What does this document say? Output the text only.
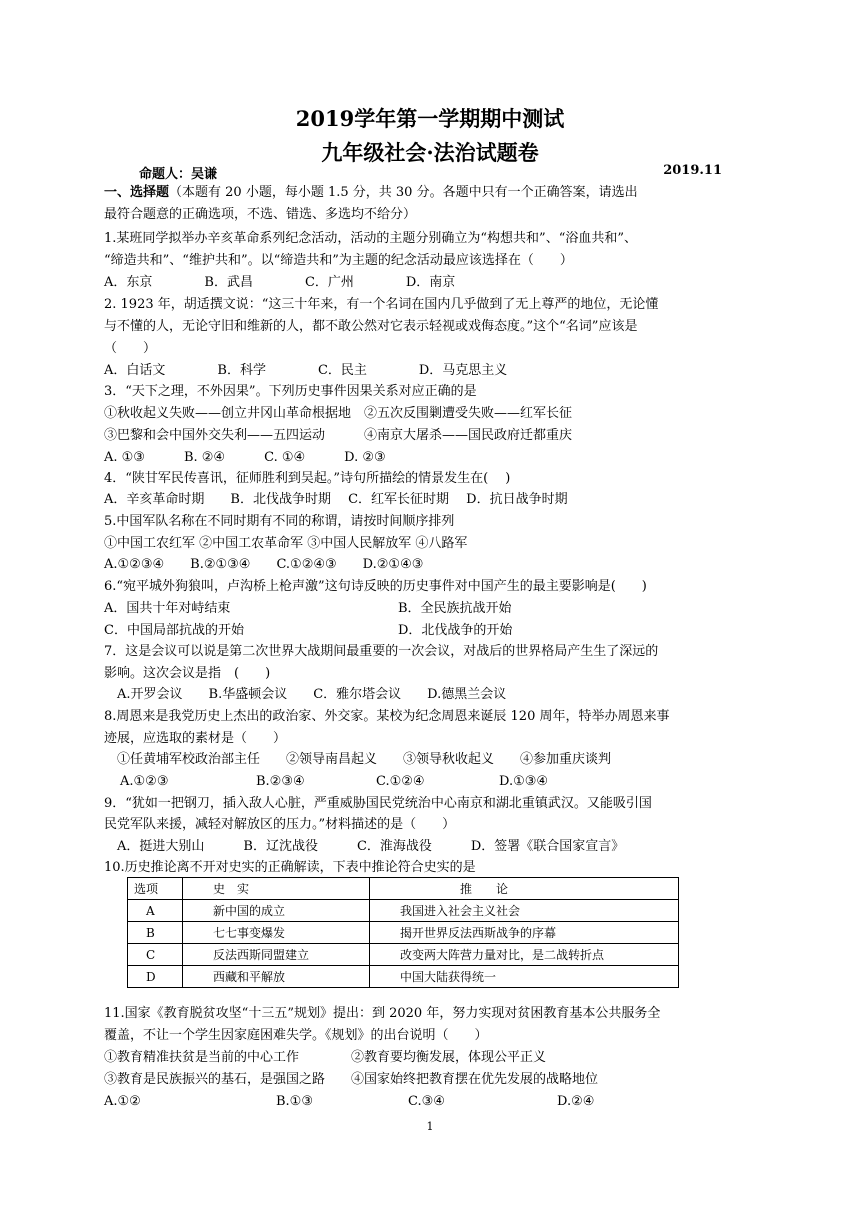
2019学年第一学期期中测试
九年级社会·法治试题卷
命题人：吴谦	2019.11
一、选择题（本题有 20 小题，每小题 1.5 分，共 30 分。各题中只有一个正确答案，请选出
最符合题意的正确选项，不选、错选、多选均不给分）
1.某班同学拟举办辛亥革命系列纪念活动，活动的主题分别确立为“构想共和”、“浴血共和”、
“缔造共和”、“维护共和”。以“缔造共和”为主题的纪念活动最应该选择在（　　）
A．东京　　　　B．武昌　　　　C．广州　　　　D．南京
2. 1923 年，胡适撰文说：“这三十年来，有一个名词在国内几乎做到了无上尊严的地位，无论懂
与不懂的人，无论守旧和维新的人，都不敢公然对它表示轻视或戏侮态度。”这个“名词”应该是
（　　）
A．白话文　　　　B．科学　　　　C．民主　　　　D．马克思主义
3．“天下之理，不外因果”。下列历史事件因果关系对应正确的是
①秋收起义失败——创立井冈山革命根据地　②五次反围剿遭受失败——红军长征
③巴黎和会中国外交失利——五四运动　　　④南京大屠杀——国民政府迁都重庆
A. ①③　　　B. ②④　　　C. ①④　　　D. ②③
4．“陕甘军民传喜讯，征师胜利到吴起。”诗句所描绘的情景发生在(　 )
A．辛亥革命时期　　B．北伐战争时期　 C．红军长征时期　 D．抗日战争时期
5.中国军队名称在不同时期有不同的称谓，请按时间顺序排列
①中国工农红军 ②中国工农革命军 ③中国人民解放军 ④八路军
A.①②③④　　B.②①③④　　C.①②④③　　D.②①④③
6.“宛平城外狗狼叫，卢沟桥上枪声激”这句诗反映的历史事件对中国产生的最主要影响是(　　)
A．国共十年对峙结束	B．全民族抗战开始
C．中国局部抗战的开始	D．北伐战争的开始
7．这是会议可以说是第二次世界大战期间最重要的一次会议，对战后的世界格局产生生了深远的
影响。这次会议是指　(　　)
　A.开罗会议　　B.华盛顿会议　　C．雅尔塔会议　　D.德黑兰会议
8.周恩来是我党历史上杰出的政治家、外交家。某校为纪念周恩来诞辰 120 周年，特举办周恩来事
迹展，应选取的素材是（　　）
　①任黄埔军校政治部主任　　②领导南昌起义　　③领导秋收起义　　④参加重庆谈判
A.①②③	B.②③④	C.①②④	D.①③④
9．“犹如一把钢刀，插入敌人心脏，严重威胁国民党统治中心南京和湖北重镇武汉。又能吸引国
民党军队来援，减轻对解放区的压力。”材料描述的是（　　）
　A．挺进大别山　　　B．辽沈战役　　　C．淮海战役　　　D．签署《联合国家宣言》
10.历史推论离不开对史实的正确解读，下表中推论符合史实的是
选项	史　实	推　　论
A	新中国的成立	我国进入社会主义社会
B	七七事变爆发	揭开世界反法西斯战争的序幕
C	反法西斯同盟建立	改变两大阵营力量对比，是二战转折点
D	西藏和平解放	中国大陆获得统一
11.国家《教育脱贫攻坚“十三五”规划》提出：到 2020 年，努力实现对贫困教育基本公共服务全
覆盖，不让一个学生因家庭困难失学。《规划》的出台说明（　　）
①教育精准扶贫是当前的中心工作　　　　②教育要均衡发展，体现公平正义
③教育是民族振兴的基石，是强国之路　　④国家始终把教育摆在优先发展的战略地位
A.①②	B.①③	C.③④	D.②④
1
